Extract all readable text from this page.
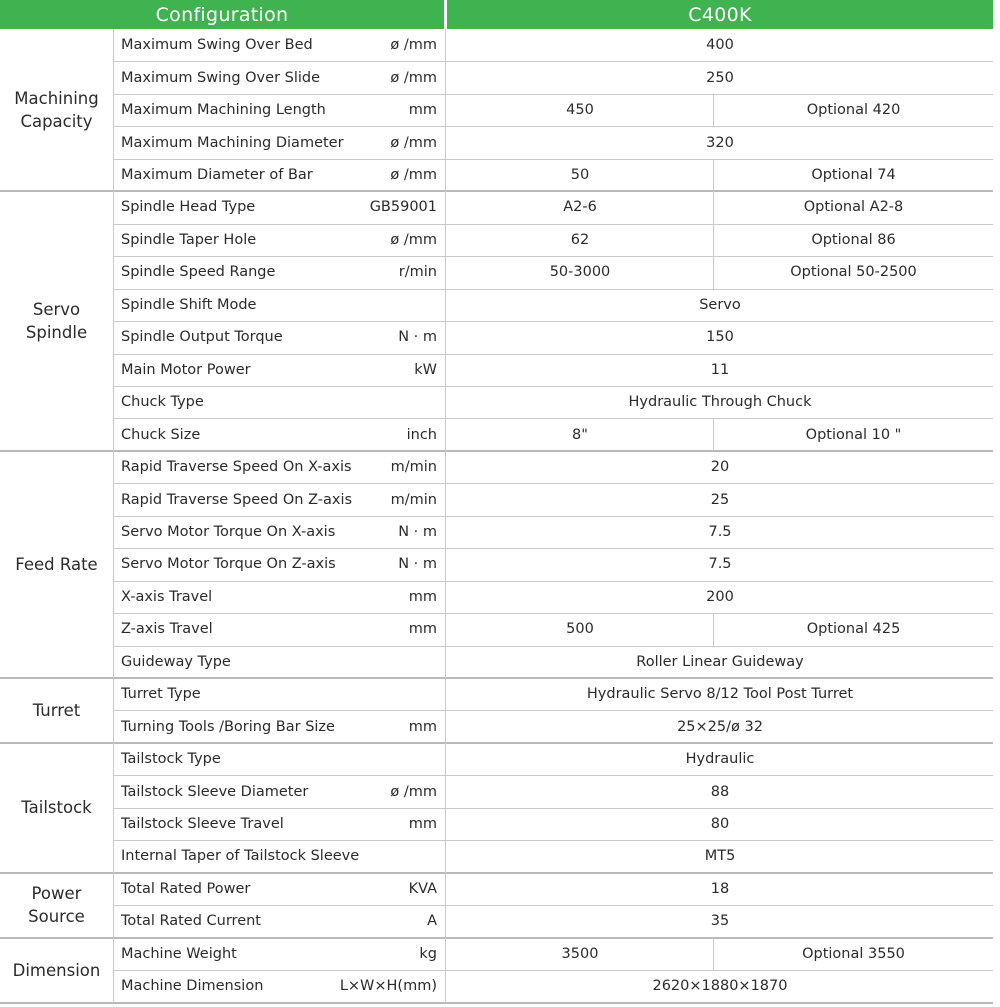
Configuration	C400K
Machining
Capacity
Maximum Swing Over Bed	ø /mm	400
Maximum Swing Over Slide	ø /mm	250
Maximum Machining Length	mm	450	Optional 420
Maximum Machining Diameter	ø /mm	320
Maximum Diameter of Bar	ø /mm	50	Optional 74
Servo
Spindle
Spindle Head Type	GB59001	A2-6	Optional A2-8
Spindle Taper Hole	ø /mm	62	Optional 86
Spindle Speed Range	r/min	50-3000	Optional 50-2500
Spindle Shift Mode	Servo
Spindle Output Torque	N · m	150
Main Motor Power	kW	11
Chuck Type	Hydraulic Through Chuck
Chuck Size	inch	8"	Optional 10 "
Feed Rate
Rapid Traverse Speed On X-axis	m/min	20
Rapid Traverse Speed On Z-axis	m/min	25
Servo Motor Torque On X-axis	N · m	7.5
Servo Motor Torque On Z-axis	N · m	7.5
X-axis Travel	mm	200
Z-axis Travel	mm	500	Optional 425
Guideway Type	Roller Linear Guideway
Turret
Turret Type	Hydraulic Servo 8/12 Tool Post Turret
Turning Tools /Boring Bar Size	mm	25×25/ø 32
Tailstock
Tailstock Type	Hydraulic
Tailstock Sleeve Diameter	ø /mm	88
Tailstock Sleeve Travel	mm	80
Internal Taper of Tailstock Sleeve	MT5
Power
Source
Total Rated Power	KVA	18
Total Rated Current	A	35
Dimension
Machine Weight	kg	3500	Optional 3550
Machine Dimension	L×W×H(mm)	2620×1880×1870
